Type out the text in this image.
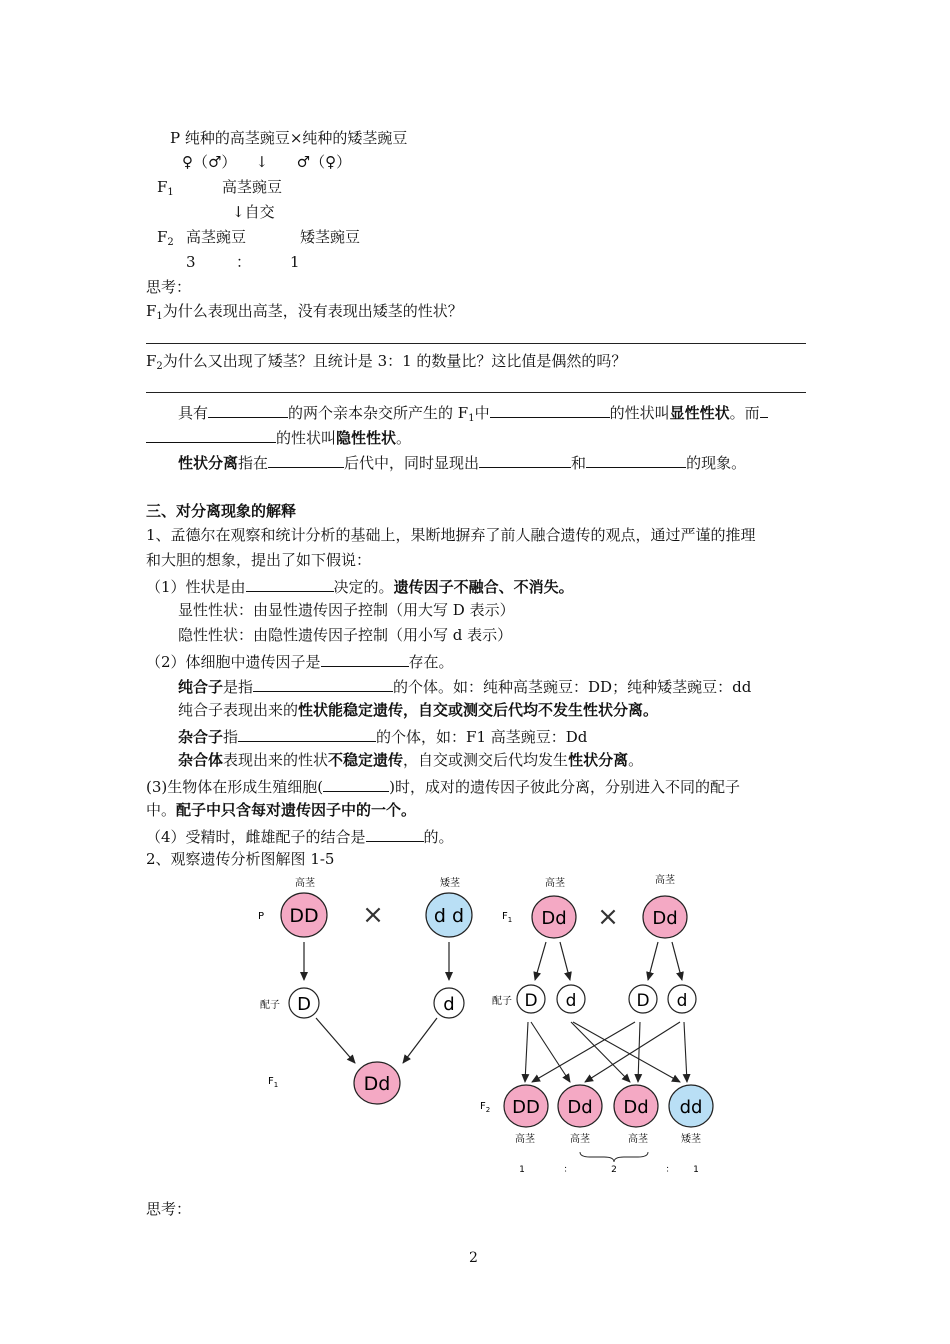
P 纯种的高茎豌豆×纯种的矮茎豌豆
♀（♂）    ↓      ♂（♀）
$F_1$	高茎豌豆
↓自交
$F_2$ 高茎豌豆	矮茎豌豆
3	：	1
思考：
$F_1$为什么表现出高茎，没有表现出矮茎的性状？
$F_2$为什么又出现了矮茎？且统计是 3：1 的数量比？这比值是偶然的吗？
具有	的两个亲本杂交所产生的 $F_1$中	的性状叫显性性状。而
的性状叫隐性性状。
性状分离指在	后代中，同时显现出	和	的现象。
三、对分离现象的解释
1、孟德尔在观察和统计分析的基础上，果断地摒弃了前人融合遗传的观点，通过严谨的推理
和大胆的想象，提出了如下假说：
（1）性状是由	决定的。遗传因子不融合、不消失。
显性性状：由显性遗传因子控制（用大写 D 表示）
隐性性状：由隐性遗传因子控制（用小写 d 表示）
（2）体细胞中遗传因子是	存在。
纯合子是指	的个体。如：纯种高茎豌豆：DD；纯种矮茎豌豆：dd
纯合子表现出来的性状能稳定遗传，自交或测交后代均不发生性状分离。
杂合子指	的个体，如：F1 高茎豌豆：Dd
杂合体表现出来的性状不稳定遗传，自交或测交后代均发生性状分离。
(3)生物体在形成生殖细胞(	)时，成对的遗传因子彼此分离，分别进入不同的配子
中。配子中只含每对遗传因子中的一个。
（4）受精时，雌雄配子的结合是	的。
2、观察遗传分析图解图 1-5
高茎	矮茎
P DD ×	d d
配子 D	d
$F_1$	Dd
高茎	高茎
$F_1$ Dd × Dd
配子 D d	D d
$F_2$ DD Dd Dd dd
高茎	高茎	高茎	矮茎
1	：	2	： 1
思考：
2
